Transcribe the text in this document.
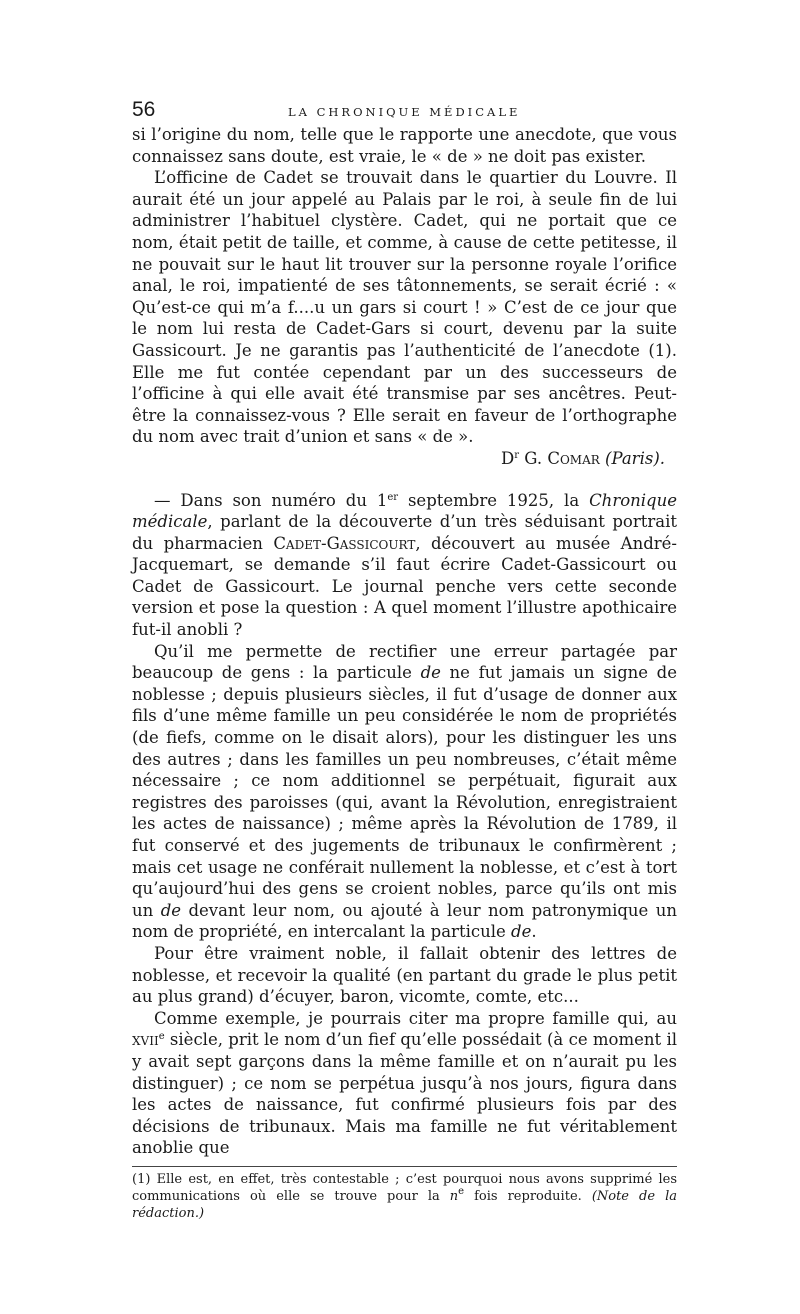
56	LA CHRONIQUE MÉDICALE

si l’origine du nom, telle que le rapporte une anecdote, que vous connaissez sans doute, est vraie, le « de » ne doit pas exister.

L’officine de Cadet se trouvait dans le quartier du Louvre. Il aurait été un jour appelé au Palais par le roi, à seule fin de lui administrer l’habituel clystère. Cadet, qui ne portait que ce nom, était petit de taille, et comme, à cause de cette petitesse, il ne pouvait sur le haut lit trouver sur la personne royale l’orifice anal, le roi, impatienté de ses tâtonnements, se serait écrié : « Qu’est-ce qui m’a f....u un gars si court ! » C’est de ce jour que le nom lui resta de Cadet-Gars si court, devenu par la suite Gassicourt. Je ne garantis pas l’authenticité de l’anecdote (1). Elle me fut contée cependant par un des successeurs de l’officine à qui elle avait été transmise par ses ancêtres. Peut-être la connaissez-vous ? Elle serait en faveur de l’orthographe du nom avec trait d’union et sans « de ».

$D^r$ G. Comar (Paris).

— Dans son numéro du 1er septembre 1925, la Chronique médicale, parlant de la découverte d’un très séduisant portrait du pharmacien Cadet-Gassicourt, découvert au musée André-Jacquemart, se demande s’il faut écrire Cadet-Gassicourt ou Cadet de Gassicourt. Le journal penche vers cette seconde version et pose la question : A quel moment l’illustre apothicaire fut-il anobli ?

Qu’il me permette de rectifier une erreur partagée par beaucoup de gens : la particule de ne fut jamais un signe de noblesse ; depuis plusieurs siècles, il fut d’usage de donner aux fils d’une même famille un peu considérée le nom de propriétés (de fiefs, comme on le disait alors), pour les distinguer les uns des autres ; dans les familles un peu nombreuses, c’était même nécessaire ; ce nom additionnel se perpétuait, figurait aux registres des paroisses (qui, avant la Révolution, enregistraient les actes de naissance) ; même après la Révolution de 1789, il fut conservé et des jugements de tribunaux le confirmèrent ; mais cet usage ne conférait nullement la noblesse, et c’est à tort qu’aujourd’hui des gens se croient nobles, parce qu’ils ont mis un de devant leur nom, ou ajouté à leur nom patronymique un nom de propriété, en intercalant la particule de.

Pour être vraiment noble, il fallait obtenir des lettres de noblesse, et recevoir la qualité (en partant du grade le plus petit au plus grand) d’écuyer, baron, vicomte, comte, etc...

Comme exemple, je pourrais citer ma propre famille qui, au xvii$^e$ siècle, prit le nom d’un fief qu’elle possédait (à ce moment il y avait sept garçons dans la même famille et on n’aurait pu les distinguer) ; ce nom se perpétua jusqu’à nos jours, figura dans les actes de naissance, fut confirmé plusieurs fois par des décisions de tribunaux. Mais ma famille ne fut véritablement anoblie que

(1) Elle est, en effet, très contestable ; c’est pourquoi nous avons supprimé les communications où elle se trouve pour la $n^e$ fois reproduite. (Note de la rédaction.)
